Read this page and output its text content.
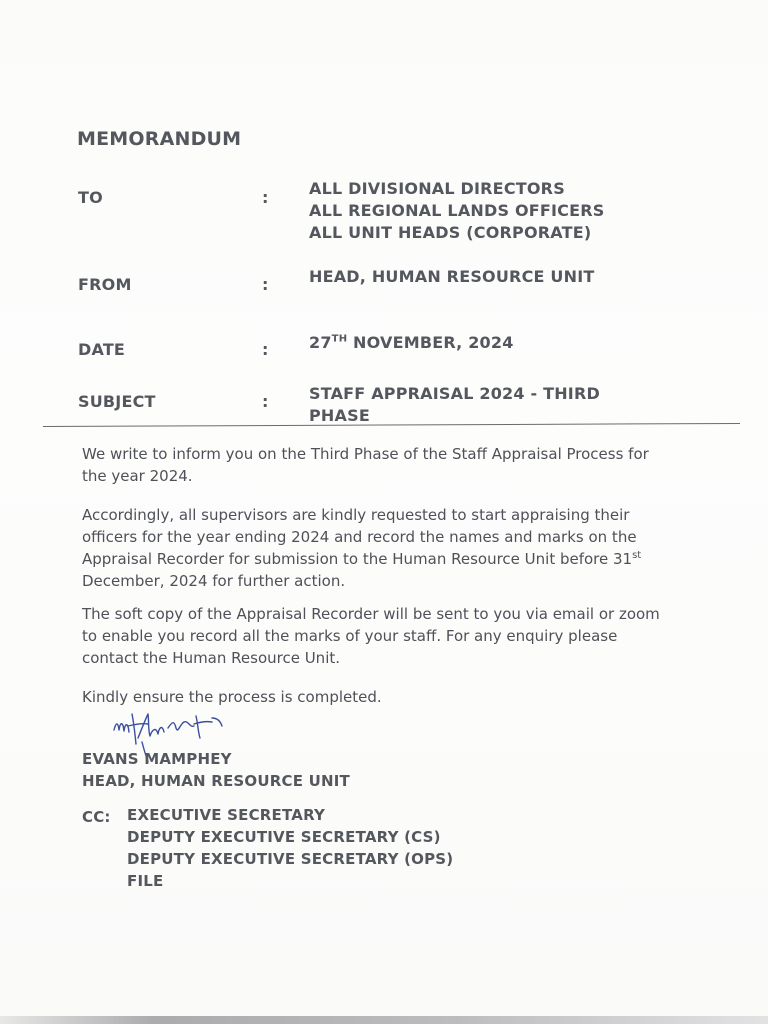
MEMORANDUM
TO	:	ALL DIVISIONAL DIRECTORS
ALL REGIONAL LANDS OFFICERS
ALL UNIT HEADS (CORPORATE)
FROM	:	HEAD, HUMAN RESOURCE UNIT
DATE	:	27TH NOVEMBER, 2024
SUBJECT	:	STAFF APPRAISAL 2024 - THIRD
PHASE
We write to inform you on the Third Phase of the Staff Appraisal Process for
the year 2024.
Accordingly, all supervisors are kindly requested to start appraising their
officers for the year ending 2024 and record the names and marks on the
Appraisal Recorder for submission to the Human Resource Unit before 31st
December, 2024 for further action.
The soft copy of the Appraisal Recorder will be sent to you via email or zoom
to enable you record all the marks of your staff. For any enquiry please
contact the Human Resource Unit.
Kindly ensure the process is completed.
EVANS MAMPHEY
HEAD, HUMAN RESOURCE UNIT
CC: EXECUTIVE SECRETARY
DEPUTY EXECUTIVE SECRETARY (CS)
DEPUTY EXECUTIVE SECRETARY (OPS)
FILE
